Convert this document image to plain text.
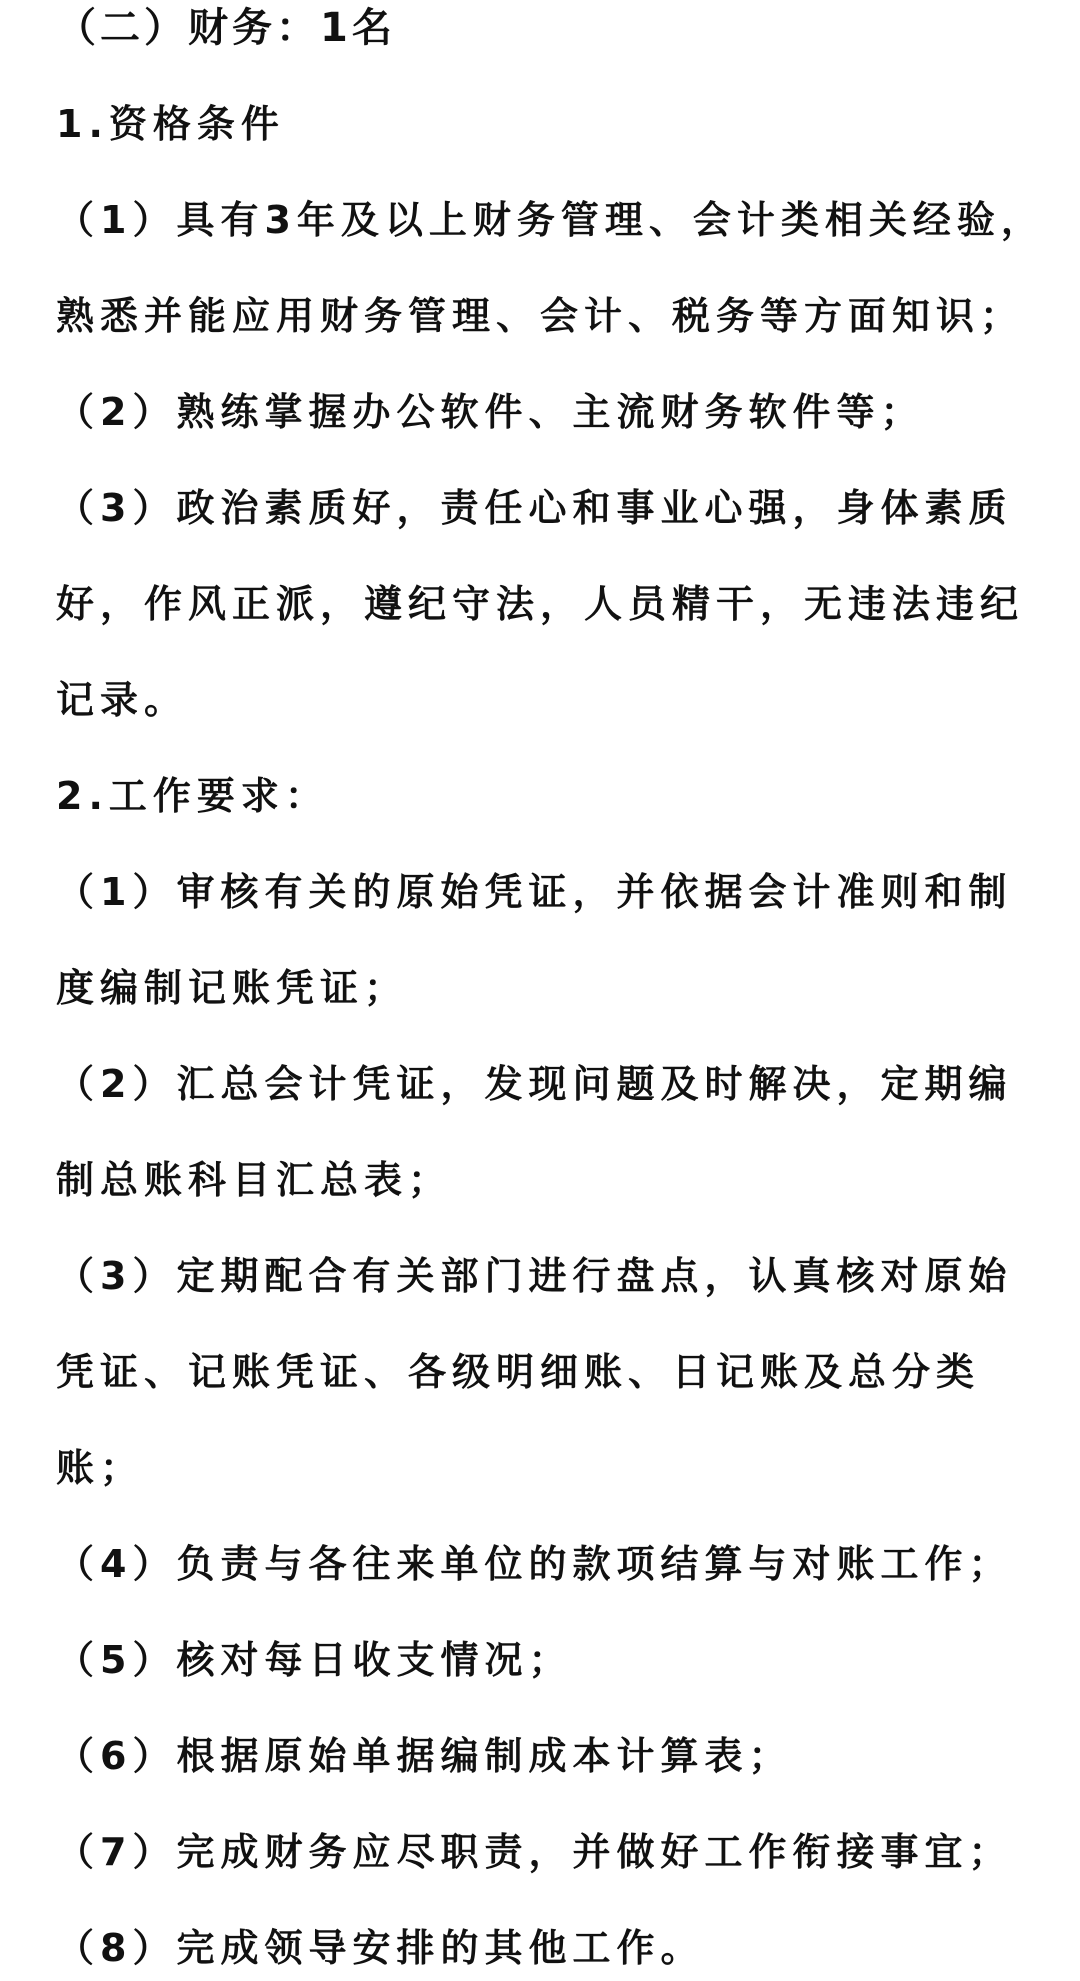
（二）财务：1名
1.资格条件
（1）具有3年及以上财务管理、会计类相关经验，
熟悉并能应用财务管理、会计、税务等方面知识；
（2）熟练掌握办公软件、主流财务软件等；
（3）政治素质好，责任心和事业心强，身体素质
好，作风正派，遵纪守法，人员精干，无违法违纪
记录。
2.工作要求：
（1）审核有关的原始凭证，并依据会计准则和制
度编制记账凭证；
（2）汇总会计凭证，发现问题及时解决，定期编
制总账科目汇总表；
（3）定期配合有关部门进行盘点，认真核对原始
凭证、记账凭证、各级明细账、日记账及总分类
账；
（4）负责与各往来单位的款项结算与对账工作；
（5）核对每日收支情况；
（6）根据原始单据编制成本计算表；
（7）完成财务应尽职责，并做好工作衔接事宜；
（8）完成领导安排的其他工作。
